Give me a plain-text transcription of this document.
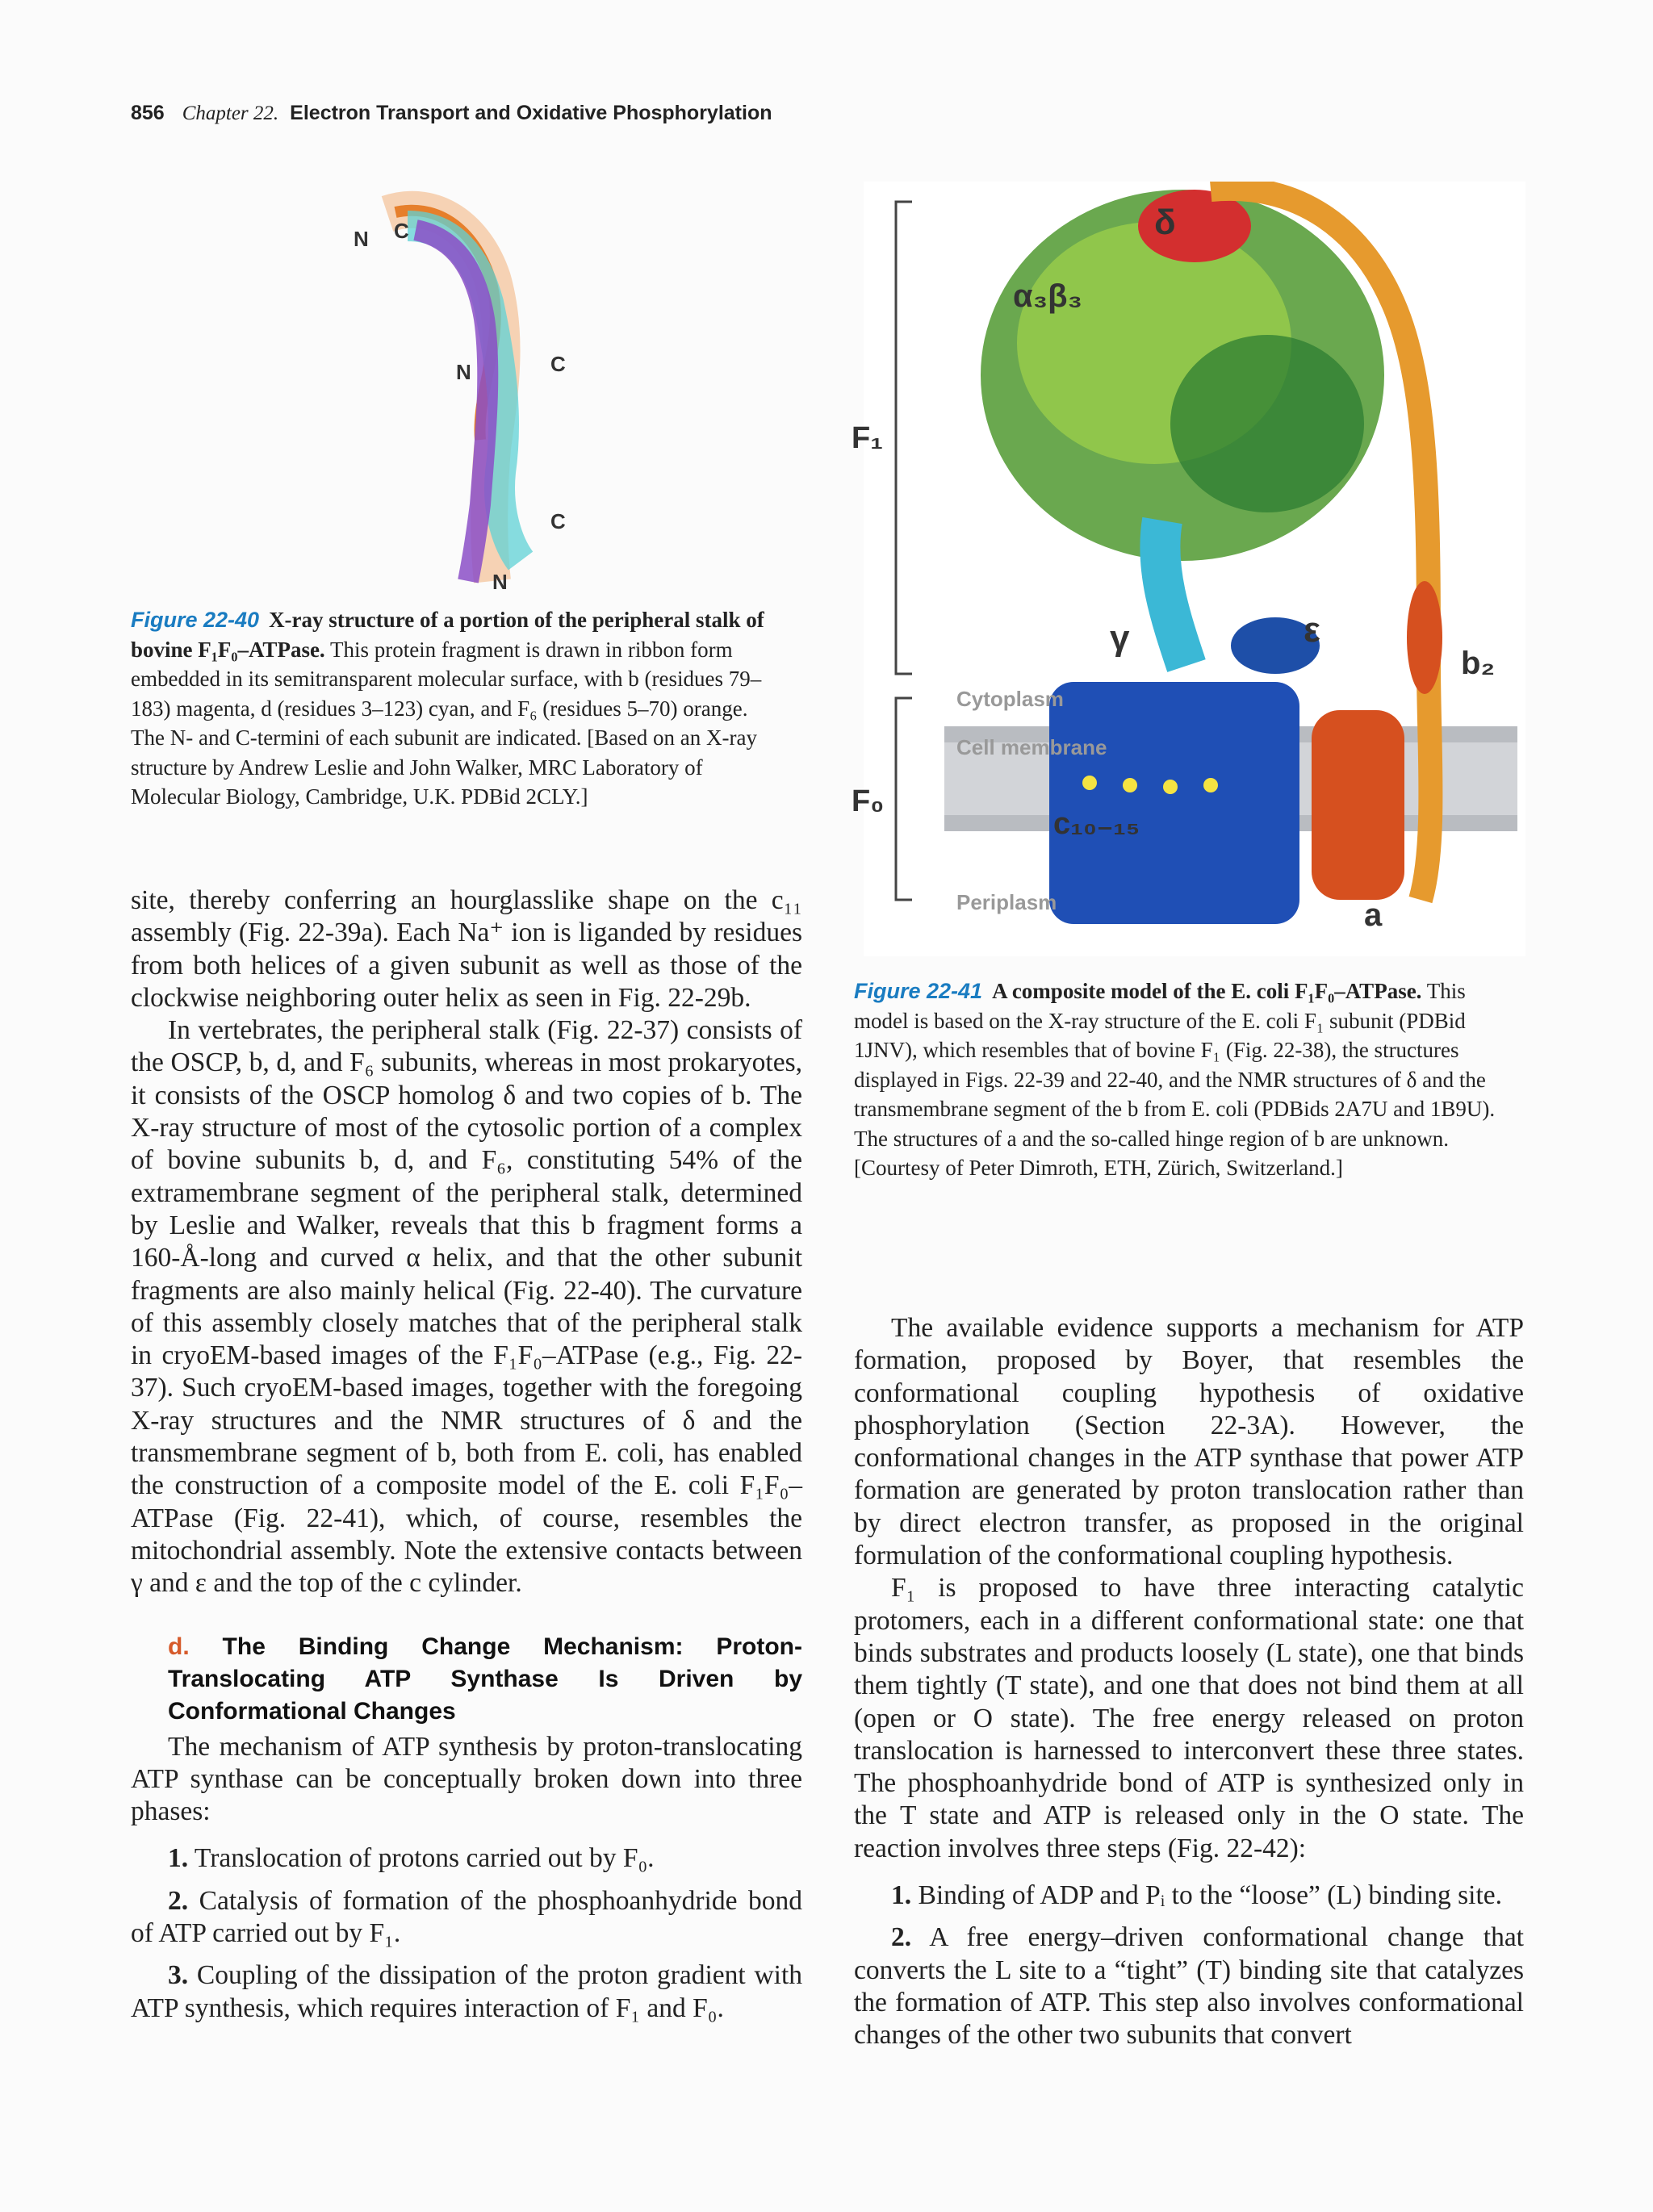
856 Chapter 22. Electron Transport and Oxidative Phosphorylation
N C
N	C
C
N
Figure 22-40 X-ray structure of a portion of the peripheral stalk of bovine F₁F₀–ATPase. This protein fragment is drawn in ribbon form embedded in its semitransparent molecular surface, with b (residues 79–183) magenta, d (residues 3–123) cyan, and F₆ (residues 5–70) orange. The N- and C-termini of each subunit are indicated. [Based on an X-ray structure by Andrew Leslie and John Walker, MRC Laboratory of Molecular Biology, Cambridge, U.K. PDBid 2CLY.]
δ
α₃β₃
F₁
γ	ε
b₂
Cytoplasm
Cell membrane
F₀
c₁₀₋₁₅
Periplasm	a
Figure 22-41 A composite model of the E. coli F₁F₀–ATPase. This model is based on the X-ray structure of the E. coli F₁ subunit (PDBid 1JNV), which resembles that of bovine F₁ (Fig. 22-38), the structures displayed in Figs. 22-39 and 22-40, and the NMR structures of δ and the transmembrane segment of the b from E. coli (PDBids 2A7U and 1B9U). The structures of a and the so-called hinge region of b are unknown. [Courtesy of Peter Dimroth, ETH, Zürich, Switzerland.]

site, thereby conferring an hourglasslike shape on the c₁₁ assembly (Fig. 22-39a). Each Na⁺ ion is liganded by residues from both helices of a given subunit as well as those of the clockwise neighboring outer helix as seen in Fig. 22-29b.

In vertebrates, the peripheral stalk (Fig. 22-37) consists of the OSCP, b, d, and F₆ subunits, whereas in most prokaryotes, it consists of the OSCP homolog δ and two copies of b. The X-ray structure of most of the cytosolic portion of a complex of bovine subunits b, d, and F₆, constituting 54% of the extramembrane segment of the peripheral stalk, determined by Leslie and Walker, reveals that this b fragment forms a 160-Å-long and curved α helix, and that the other subunit fragments are also mainly helical (Fig. 22-40). The curvature of this assembly closely matches that of the peripheral stalk in cryoEM-based images of the F₁F₀–ATPase (e.g., Fig. 22-37). Such cryoEM-based images, together with the foregoing X-ray structures and the NMR structures of δ and the transmembrane segment of b, both from E. coli, has enabled the construction of a composite model of the E. coli F₁F₀–ATPase (Fig. 22-41), which, of course, resembles the mitochondrial assembly. Note the extensive contacts between γ and ε and the top of the c cylinder.

d. The Binding Change Mechanism: Proton-Translocating ATP Synthase Is Driven by Conformational Changes

The mechanism of ATP synthesis by proton-translocating ATP synthase can be conceptually broken down into three phases:

1. Translocation of protons carried out by F₀.

2. Catalysis of formation of the phosphoanhydride bond of ATP carried out by F₁.

3. Coupling of the dissipation of the proton gradient with ATP synthesis, which requires interaction of F₁ and F₀.

The available evidence supports a mechanism for ATP formation, proposed by Boyer, that resembles the conformational coupling hypothesis of oxidative phosphorylation (Section 22-3A). However, the conformational changes in the ATP synthase that power ATP formation are generated by proton translocation rather than by direct electron transfer, as proposed in the original formulation of the conformational coupling hypothesis.

F₁ is proposed to have three interacting catalytic protomers, each in a different conformational state: one that binds substrates and products loosely (L state), one that binds them tightly (T state), and one that does not bind them at all (open or O state). The free energy released on proton translocation is harnessed to interconvert these three states. The phosphoanhydride bond of ATP is synthesized only in the T state and ATP is released only in the O state. The reaction involves three steps (Fig. 22-42):

1. Binding of ADP and Pᵢ to the “loose” (L) binding site.

2. A free energy–driven conformational change that converts the L site to a “tight” (T) binding site that catalyzes the formation of ATP. This step also involves conformational changes of the other two subunits that convert
